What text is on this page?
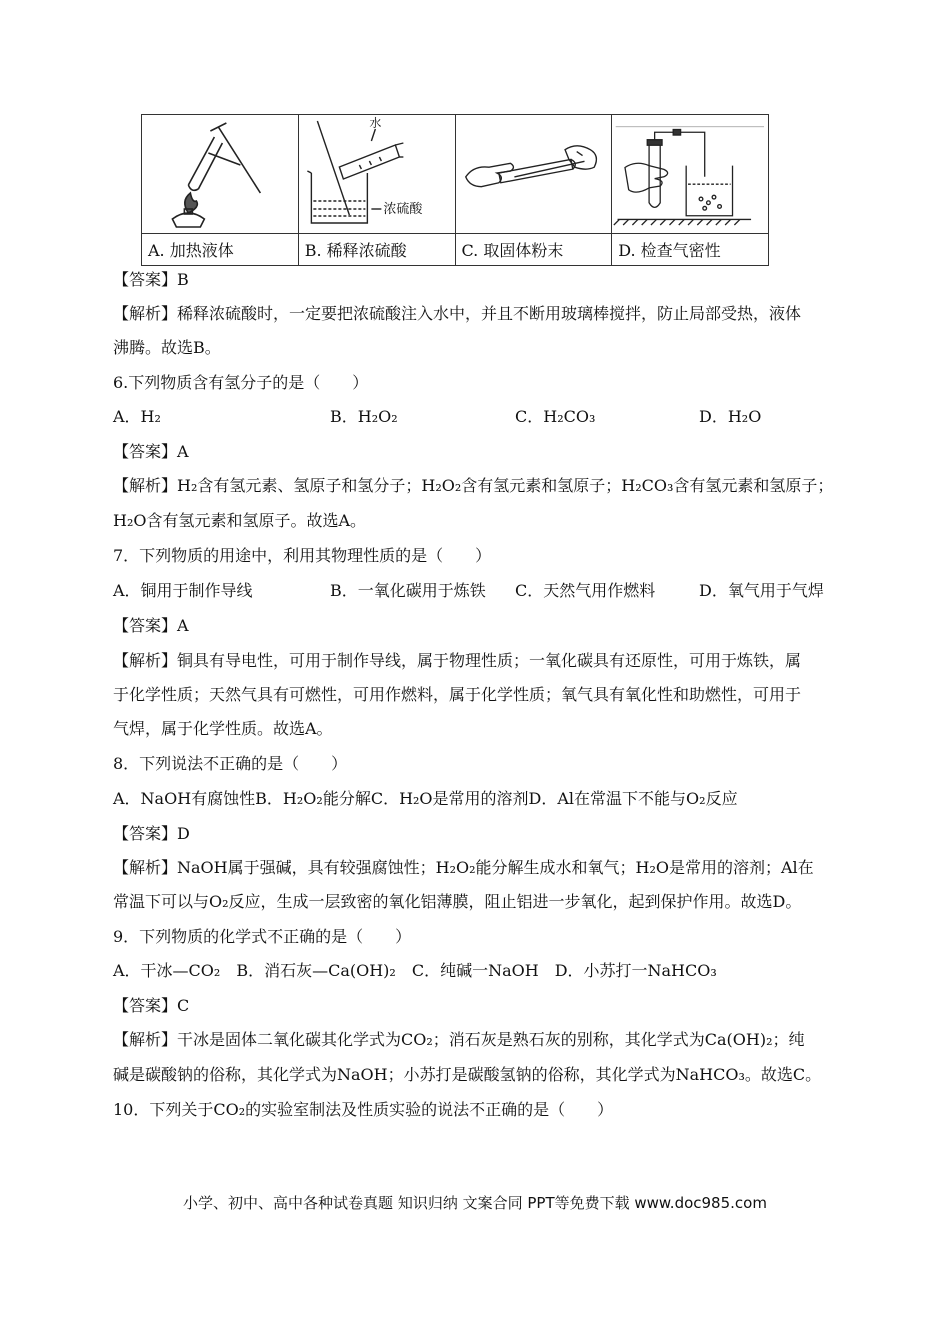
水
浓硫酸

A. 加热液体	B. 稀释浓硫酸	C. 取固体粉末	D. 检查气密性
【答案】B
【解析】稀释浓硫酸时，一定要把浓硫酸注入水中，并且不断用玻璃棒搅拌，防止局部受热，液体
沸腾。故选B。
6.下列物质含有氢分子的是（　　）
A．H₂	B．H₂O₂	C．H₂CO₃	D．H₂O
【答案】A
【解析】H₂含有氢元素、氢原子和氢分子；H₂O₂含有氢元素和氢原子；H₂CO₃含有氢元素和氢原子；
H₂O含有氢元素和氢原子。故选A。
7．下列物质的用途中，利用其物理性质的是（　　）
A．铜用于制作导线	B．一氧化碳用于炼铁 C．天然气用作燃料	D．氧气用于气焊
【答案】A
【解析】铜具有导电性，可用于制作导线，属于物理性质；一氧化碳具有还原性，可用于炼铁，属
于化学性质；天然气具有可燃性，可用作燃料，属于化学性质；氧气具有氧化性和助燃性，可用于
气焊，属于化学性质。故选A。
8．下列说法不正确的是（　　）
A．NaOH有腐蚀性B．H₂O₂能分解C．H₂O是常用的溶剂D．Al在常温下不能与O₂反应
【答案】D
【解析】NaOH属于强碱，具有较强腐蚀性；H₂O₂能分解生成水和氧气；H₂O是常用的溶剂；Al在
常温下可以与O₂反应，生成一层致密的氧化铝薄膜，阻止铝进一步氧化，起到保护作用。故选D。
9．下列物质的化学式不正确的是（　　）
A．干冰—CO₂　B．消石灰—Ca(OH)₂　C．纯碱一NaOH　D．小苏打一NaHCO₃
【答案】C
【解析】干冰是固体二氧化碳其化学式为CO₂；消石灰是熟石灰的别称，其化学式为Ca(OH)₂；纯
碱是碳酸钠的俗称，其化学式为NaOH；小苏打是碳酸氢钠的俗称，其化学式为NaHCO₃。故选C。
10．下列关于CO₂的实验室制法及性质实验的说法不正确的是（　　）
小学、初中、高中各种试卷真题 知识归纳 文案合同 PPT等免费下载 www.doc985.com
